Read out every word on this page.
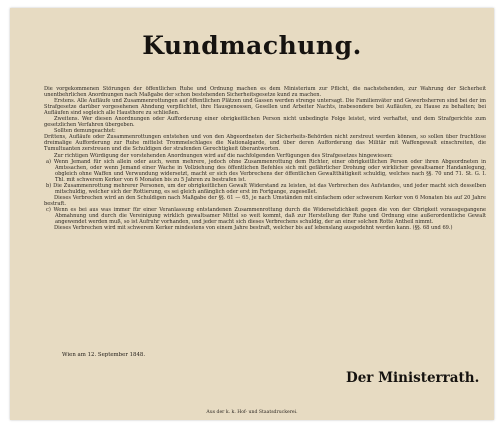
Kundmachung.

Die vorgekommenen Störungen der öffentlichen Ruhe und Ordnung machen es dem Ministerium zur Pflicht, die nachstehenden, zur Wahrung der Sicherheit unentbehrlichen Anordnungen nach Maßgabe der schon bestehenden Sicherheitsgesetze kund zu machen.

Erstens. Alle Aufläufe und Zusammenrottungen auf öffentlichen Plätzen und Gassen werden strenge untersagt. Die Familienväter und Gewerbsherren sind bei der im Strafgesetze darüber vorgesehenen Ahndung verpflichtet, ihre Hausgenossen, Gesellen und Arbeiter Nachts, insbesondere bei Aufläufen, zu Hause zu behalten; bei Aufläufen sind sogleich alle Hausthore zu schließen.

Zweitens. Wer diesen Anordnungen oder Aufforderung einer obrigkeitlichen Person nicht unbedingte Folge leistet, wird verhaftet, und dem Strafgerichte zum gesetzlichen Verfahren übergeben.

Sollten demungeachtet:

Drittens, Aufläufe oder Zusammenrottungen entstehen und von den Abgeordneten der Sicherheits-Behörden nicht zerstreut werden können, so sollen über fruchtlose dreimalige Aufforderung zur Ruhe mittelst Trommelschlages die Nationalgarde, und über deren Aufforderung das Militär mit Waffengewalt einschreiten, die Tumultuanten zerstreuen und die Schuldigen der strafenden Gerechtigkeit überantworten.

Zur richtigen Würdigung der vorstehenden Anordnungen wird auf die nachfolgenden Verfügungen des Strafgesetzes hingewiesen:

a) Wenn Jemand für sich allein oder auch, wenn mehrere, jedoch ohne Zusammenrottung dem Richter, einer obrigkeitlichen Person oder ihren Abgeordneten in Amtssachen, oder wenn Jemand einer Wache in Vollziehung des öffentlichen Befehles sich mit gefährlicher Drohung oder wirklicher gewaltsamer Handanlegung, obgleich ohne Waffen und Verwundung widersetzt, macht er sich des Verbrechens der öffentlichen Gewaltthätigkeit schuldig, welches nach §§. 70 und 71. St. G. I. Thl. mit schwerem Kerker von 6 Monaten bis zu 5 Jahren zu bestrafen ist.

b) Die Zusammenrottung mehrerer Personen, um der obrigkeitlichen Gewalt Widerstand zu leisten, ist das Verbrechen des Aufstandes, und jeder macht sich desselben mitschuldig, welcher sich der Rottierung, es sei gleich anfänglich oder erst im Fortgange, zugesellet.

Dieses Verbrechen wird an den Schuldigen nach Maßgabe der §§. 61 — 65, je nach Umständen mit einfachem oder schwerem Kerker von 6 Monaten bis auf 20 Jahre bestraft.

c) Wenn es bei aus was immer für einer Veranlassung entstandenen Zusammenrottung durch die Widersetzlichkeit gegen die von der Obrigkeit vorausgegangene Abmahnung und durch die Vereinigung wirklich gewaltsamer Mittel so weit kommt, daß zur Herstellung der Ruhe und Ordnung eine außerordentliche Gewalt angewendet werden muß, so ist Aufruhr vorhanden, und jeder macht sich dieses Verbrechens schuldig, der an einer solchen Rotte Antheil nimmt.

Dieses Verbrechen wird mit schwerem Kerker mindestens von einem Jahre bestraft, welcher bis auf lebenslang ausgedehnt werden kann. (§§. 68 und 69.)

Wien am 12. September 1848.
Der Ministerrath.
Aus der k. k. Hof- und Staatsdruckerei.
